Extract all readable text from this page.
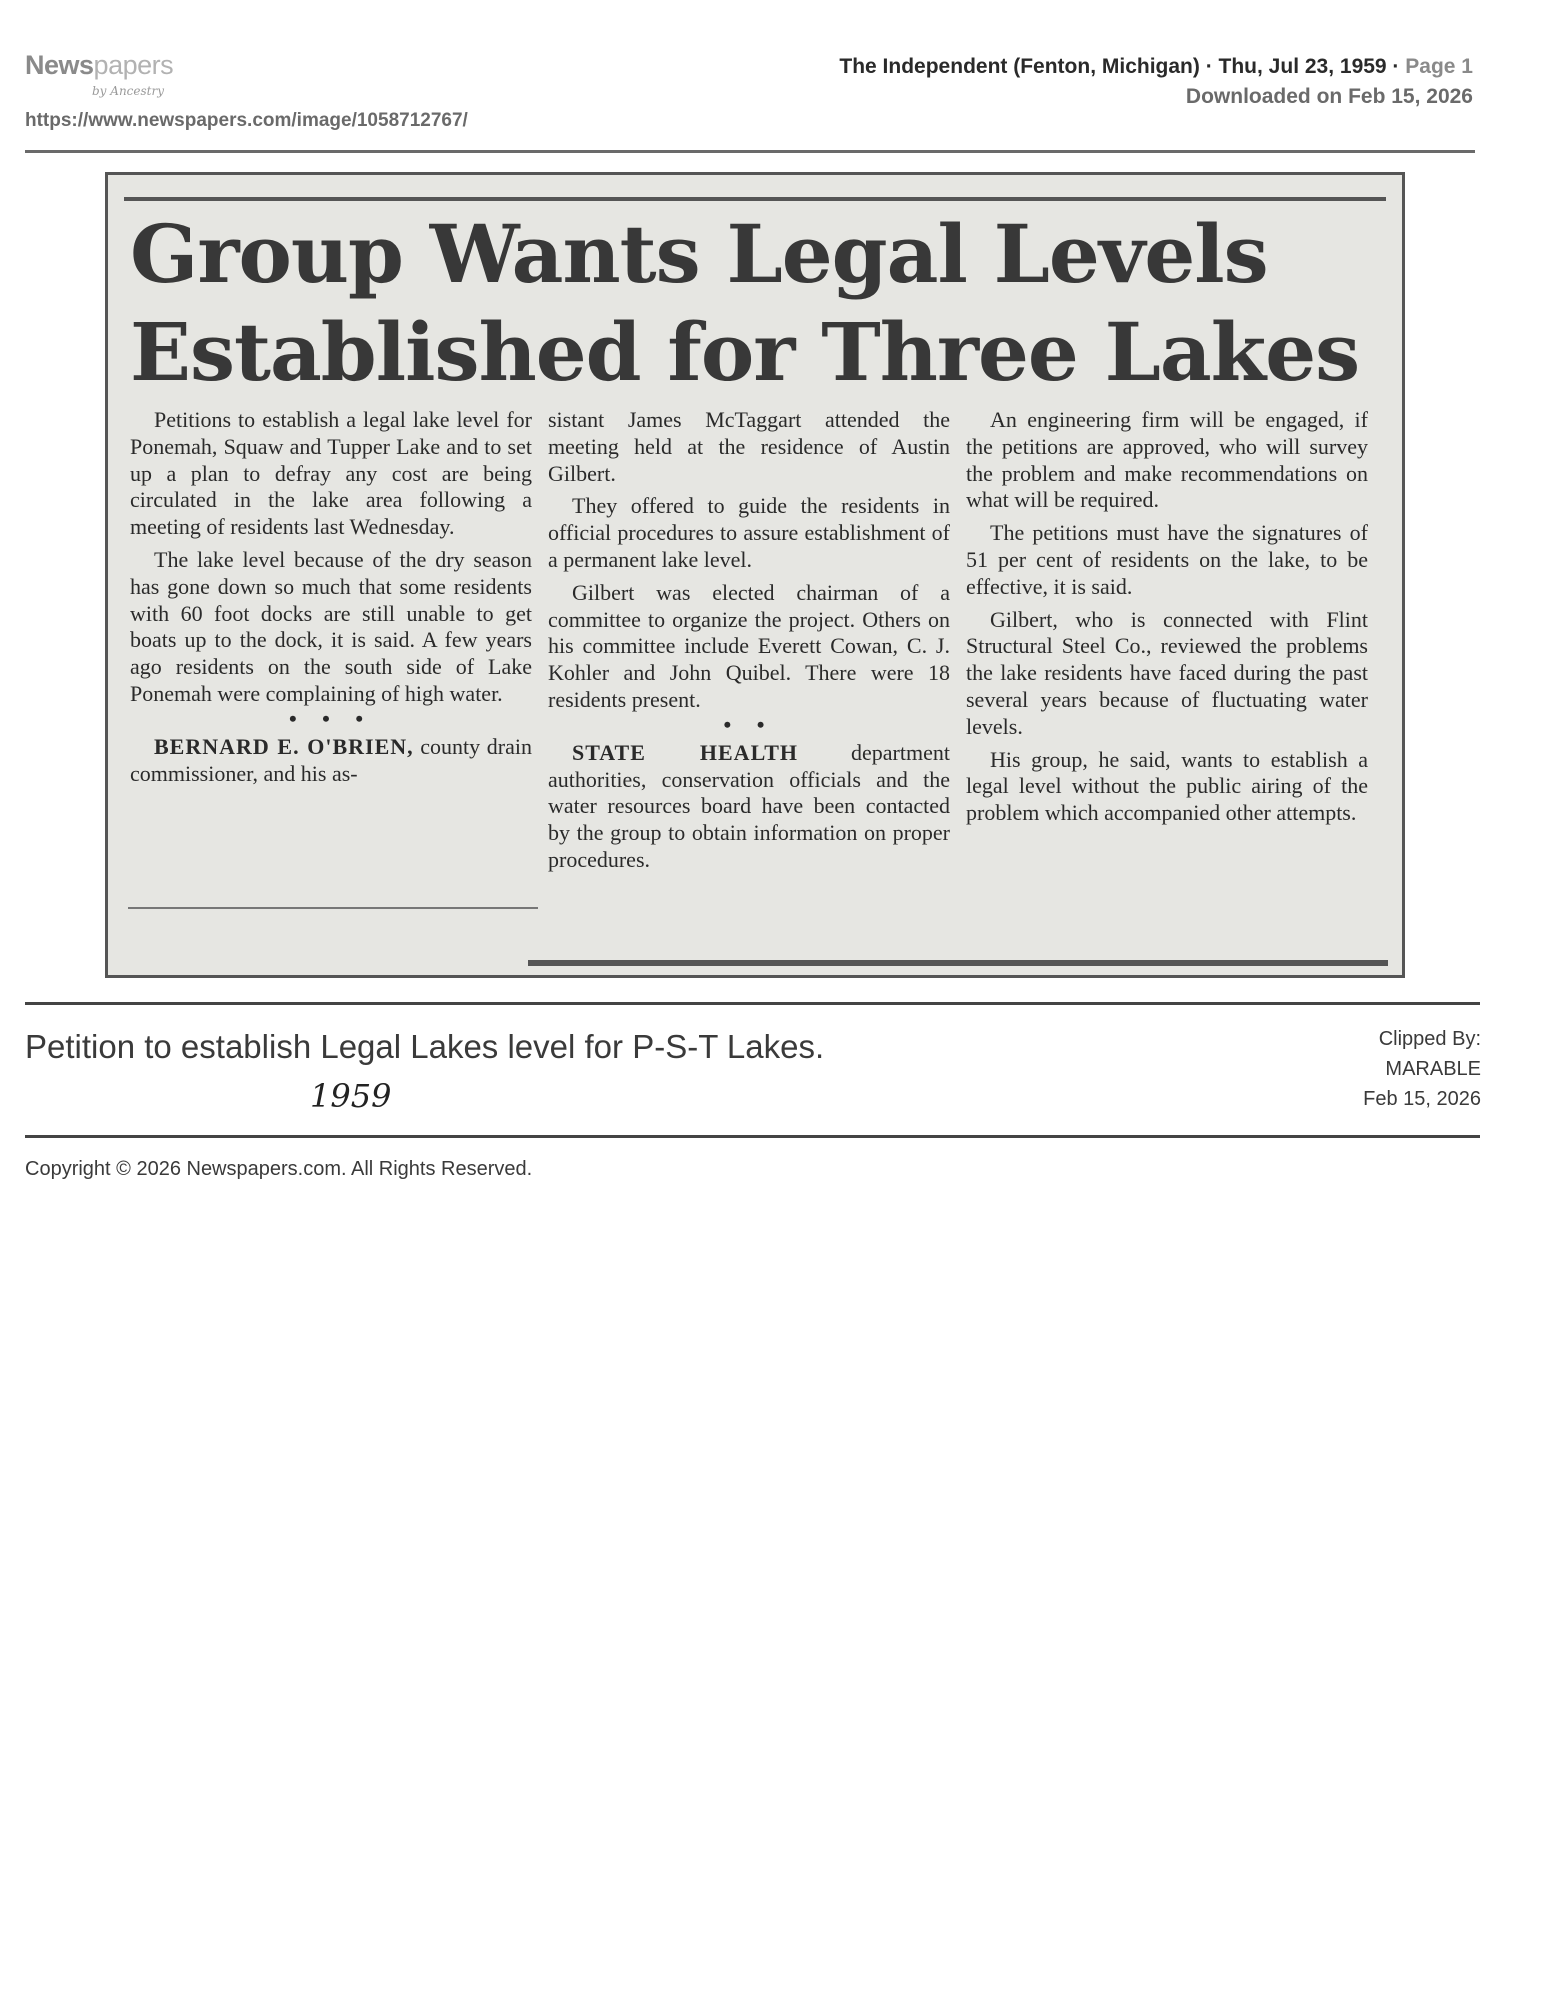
Newspapers
by Ancestry
https://www.newspapers.com/image/1058712767/
The Independent (Fenton, Michigan) · Thu, Jul 23, 1959 · Page 1
Downloaded on Feb 15, 2026
Group Wants Legal Levels
Established for Three Lakes

Petitions to establish a legal lake level for Ponemah, Squaw and Tupper Lake and to set up a plan to defray any cost are being circulated in the lake area following a meeting of residents last Wednesday.

The lake level because of the dry season has gone down so much that some residents with 60 foot docks are still unable to get boats up to the dock, it is said. A few years ago residents on the south side of Lake Ponemah were complaining of high water.

• • •

BERNARD E. O'BRIEN, county drain commissioner, and his as-

sistant James McTaggart attended the meeting held at the residence of Austin Gilbert.

They offered to guide the residents in official procedures to assure establishment of a permanent lake level.

Gilbert was elected chairman of a committee to organize the project. Others on his committee include Everett Cowan, C. J. Kohler and John Quibel. There were 18 residents present.

• •

STATE HEALTH department authorities, conservation officials and the water resources board have been contacted by the group to obtain information on proper procedures.

An engineering firm will be engaged, if the petitions are approved, who will survey the problem and make recommendations on what will be required.

The petitions must have the signatures of 51 per cent of residents on the lake, to be effective, it is said.

Gilbert, who is connected with Flint Structural Steel Co., reviewed the problems the lake residents have faced during the past several years because of fluctuating water levels.

His group, he said, wants to establish a legal level without the public airing of the problem which accompanied other attempts.

Petition to establish Legal Lakes level for P-S-T Lakes.
1959
Clipped By:
MARABLE
Feb 15, 2026
Copyright © 2026 Newspapers.com. All Rights Reserved.
